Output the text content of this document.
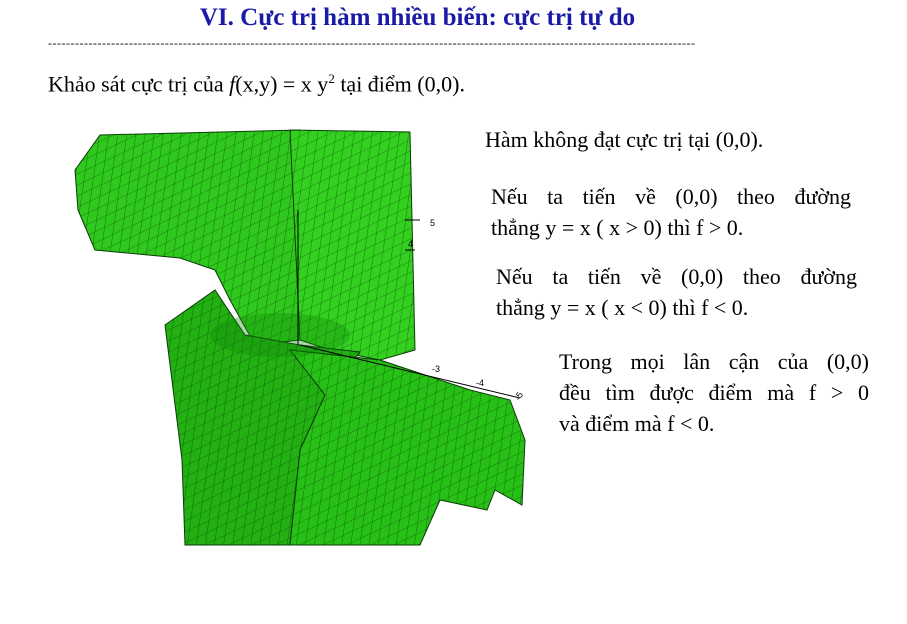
VI. Cực trị hàm nhiều biến: cực trị tự do
------------------------------------------------------------------------------------------------------------------------------------------------
Khảo sát cực trị của f(x,y) = x $y^2$ tại điểm (0,0).
5
4
-3
-4
-5
Hàm không đạt cực trị tại (0,0).
Nếu ta tiến về (0,0) theo đường
thẳng y = x ( x > 0) thì f > 0.
Nếu ta tiến về (0,0) theo đường
thẳng y = x ( x < 0) thì f < 0.
Trong mọi lân cận của (0,0)
đều tìm được điểm mà f > 0
và điểm mà f < 0.
